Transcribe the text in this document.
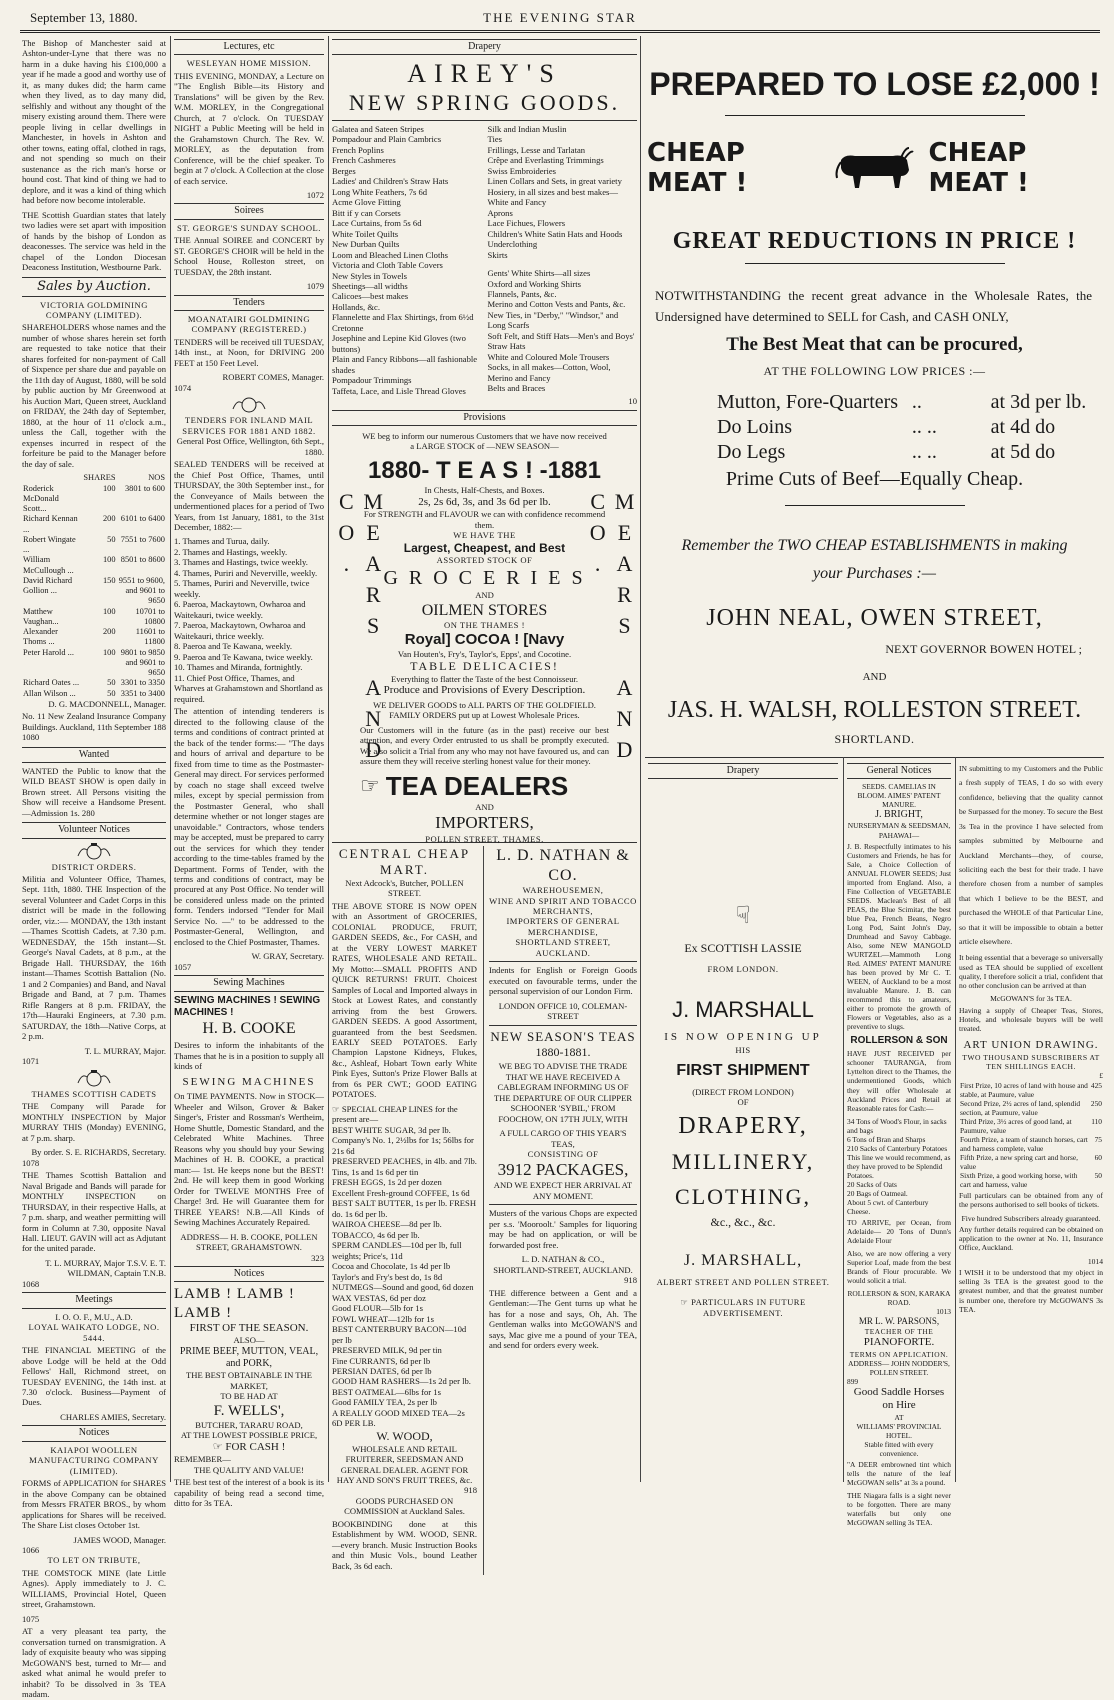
September 13, 1880.	THE EVENING STAR
The Bishop of Manchester said at Ashton-under-Lyne that there was no harm in a duke having his £100,000 a year if he made a good and worthy use of it, as many dukes did; the harm came when they lived, as to day many did, selfishly and without any thought of the misery existing around them. There were people living in cellar dwellings in Manchester, in hovels in Ashton and other towns, eating offal, clothed in rags, and not spending so much on their sustenance as the rich man's horse or hound cost. That kind of thing we had to deplore, and it was a kind of thing which had before now become intolerable.
THE Scottish Guardian states that lately two ladies were set apart with imposition of hands by the bishop of London as deaconesses. The service was held in the chapel of the London Diocesan Deaconess Institution, Westbourne Park.
Sales by Auction.
VICTORIA GOLDMINING COMPANY (LIMITED).
SHAREHOLDERS whose names and the number of whose shares herein set forth are requested to take notice that their shares forfeited for non-payment of Call of Sixpence per share due and payable on the 11th day of August, 1880, will be sold by public auction by Mr Greenwood at his Auction Mart, Queen street, Auckland on FRIDAY, the 24th day of September, 1880, at the hour of 11 o'clock a.m., unless the Call, together with the expenses incurred in respect of the forfeiture be paid to the Manager before the day of sale.
	SHARES	NOS
Roderick McDonald Scott...	100	3801 to 600
Richard Kennan ...	200	6101 to 6400
Robert Wingate ...	50	7551 to 7600
William McCullough ...	100	8501 to 8600
David Richard Gollion ...	150	9551 to 9600, and 9601 to 9650
Matthew Vaughan...	100	10701 to 10800
Alexander Thoms ...	200	11601 to 11800
Peter Harold ...	100	9801 to 9850 and 9601 to 9650
Richard Oates ...	50	3301 to 3350
Allan Wilson ...	50	3351 to 3400
D. G. MACDONNELL, Manager.
No. 11 New Zealand Insurance Company Buildings. Auckland, 11th September 188 1080
Wanted
WANTED the Public to know that the WILD BEAST SHOW is open daily in Brown street. All Persons visiting the Show will receive a Handsome Present.—Admission 1s. 280
Volunteer Notices
DISTRICT ORDERS.
Militia and Volunteer Office, Thames, Sept. 11th, 1880. THE Inspection of the several Volunteer and Cadet Corps in this district will be made in the following order, viz.:— MONDAY, the 13th instant—Thames Scottish Cadets, at 7.30 p.m. WEDNESDAY, the 15th instant—St. George's Naval Cadets, at 8 p.m., at the Brigade Hall. THURSDAY, the 16th instant—Thames Scottish Battalion (No. 1 and 2 Companies) and Band, and Naval Brigade and Band, at 7 p.m. Thames Rifle Rangers at 8 p.m. FRIDAY, the 17th—Hauraki Engineers, at 7.30 p.m. SATURDAY, the 18th—Native Corps, at 2 p.m.
T. L. MURRAY, Major.
1071
THAMES SCOTTISH CADETS
THE Company will Parade for MONTHLY INSPECTION by Major MURRAY THIS (Monday) EVENING, at 7 p.m. sharp.
By order. S. E. RICHARDS, Secretary.
1078
THE Thames Scottish Battalion and Naval Brigade and Bands will parade for MONTHLY INSPECTION on THURSDAY, in their respective Halls, at 7 p.m. sharp, and weather permitting will form in Column at 7.30, opposite Naval Hall. LIEUT. GAVIN will act as Adjutant for the united parade.
T. L. MURRAY, Major T.S.V. E. T. WILDMAN, Captain T.N.B.
1068
Meetings
I. O. O. F., M.U., A.D.
LOYAL WAIKATO LODGE, NO. 5444.
THE FINANCIAL MEETING of the above Lodge will be held at the Odd Fellows' Hall, Richmond street, on TUESDAY EVENING, the 14th inst. at 7.30 o'clock. Business—Payment of Dues.
CHARLES AMIES, Secretary.
Notices
KAIAPOI WOOLLEN MANUFACTURING COMPANY (LIMITED).
FORMS of APPLICATION for SHARES in the above Company can be obtained from Messrs FRATER BROS., by whom applications for Shares will be received. The Share List closes October 1st.
JAMES WOOD, Manager.
1066
TO LET ON TRIBUTE,
THE COMSTOCK MINE (late Little Agnes). Apply immediately to J. C. WILLIAMS, Provincial Hotel, Queen street, Grahamstown.
1075
AT a very pleasant tea party, the conversation turned on transmigration. A lady of exquisite beauty who was sipping McGOWAN'S best, turned to Mr— and asked what animal he would prefer to inhabit? To be dissolved in 3s TEA madam.
Lectures, etc
WESLEYAN HOME MISSION.
THIS EVENING, MONDAY, a Lecture on "The English Bible—its History and Translations" will be given by the Rev. W.M. MORLEY, in the Congregational Church, at 7 o'clock. On TUESDAY NIGHT a Public Meeting will be held in the Grahamstown Church. The Rev. W. MORLEY, as the deputation from Conference, will be the chief speaker. To begin at 7 o'clock. A Collection at the close of each service.
1072
Soirees
ST. GEORGE'S SUNDAY SCHOOL.
THE Annual SOIREE and CONCERT by ST. GEORGE'S CHOIR will be held in the School House, Rolleston street, on TUESDAY, the 28th instant.
1079
Tenders
MOANATAIRI GOLDMINING COMPANY (REGISTERED.)
TENDERS will be received till TUESDAY, 14th inst., at Noon, for DRIVING 200 FEET at 150 Feet Level.
ROBERT COMES, Manager.
1074
TENDERS FOR INLAND MAIL SERVICES FOR 1881 AND 1882.
General Post Office, Wellington, 6th Sept., 1880.
SEALED TENDERS will be received at the Chief Post Office, Thames, until THURSDAY, the 30th September inst., for the Conveyance of Mails between the undermentioned places for a period of Two Years, from 1st January, 1881, to the 31st December, 1882:—
1. Thames and Turua, daily.
2. Thames and Hastings, weekly.
3. Thames and Hastings, twice weekly.
4. Thames, Puriri and Neverville, weekly.
5. Thames, Puriri and Neverville, twice weekly.
6. Paeroa, Mackaytown, Owharoa and Waitekauri, twice weekly.
7. Paeroa, Mackaytown, Owharoa and Waitekauri, thrice weekly.
8. Paeroa and Te Kawana, weekly.
9. Paeroa and Te Kawana, twice weekly.
10. Thames and Miranda, fortnightly.
11. Chief Post Office, Thames, and Wharves at Grahamstown and Shortland as required.
The attention of intending tenderers is directed to the following clause of the terms and conditions of contract printed at the back of the tender forms:— "The days and hours of arrival and departure to be fixed from time to time as the Postmaster-General may direct. For services performed by coach no stage shall exceed twelve miles, except by special permission from the Postmaster General, who shall determine whether or not longer stages are unavoidable." Contractors, whose tenders may be accepted, must be prepared to carry out the services for which they tender according to the time-tables framed by the Department. Forms of Tender, with the terms and conditions of contract, may be procured at any Post Office. No tender will be considered unless made on the printed form. Tenders indorsed "Tender for Mail Service No. —" to be addressed to the Postmaster-General, Wellington, and enclosed to the Chief Postmaster, Thames.
W. GRAY, Secretary.
1057
Sewing Machines
SEWING MACHINES ! SEWING MACHINES !
H. B. COOKE
Desires to inform the inhabitants of the Thames that he is in a position to supply all kinds of
SEWING MACHINES
On TIME PAYMENTS. Now in STOCK—Wheeler and Wilson, Grover & Baker Singer's, Frister and Rossman's Wertheim, Home Shuttle, Domestic Standard, and the Celebrated White Machines. Three Reasons why you should buy your Sewing Machines of H. B. COOKE, a practical man:— 1st. He keeps none but the BEST! 2nd. He will keep them in good Working Order for TWELVE MONTHS Free of Charge! 3rd. He will Guarantee them for THREE YEARS! N.B.—All Kinds of Sewing Machines Accurately Repaired.
ADDRESS— H. B. COOKE, POLLEN STREET, GRAHAMSTOWN.
323
Notices
LAMB ! LAMB ! LAMB !
FIRST OF THE SEASON.
ALSO—
PRIME BEEF, MUTTON, VEAL, and PORK,
THE BEST OBTAINABLE IN THE MARKET,
TO BE HAD AT
F. WELLS',
BUTCHER, TARARU ROAD,
AT THE LOWEST POSSIBLE PRICE,
☞ FOR CASH !
REMEMBER—
THE QUALITY AND VALUE!
THE best test of the interest of a book is its capability of being read a second time, ditto for 3s TEA.
Drapery
AIREY'S
NEW SPRING GOODS.
Galatea and Sateen Stripes
Pompadour and Plain Cambrics
French Poplins
French Cashmeres
Berges
Ladies' and Children's Straw Hats
Long White Feathers, 7s 6d
Acme Glove Fitting
Bitt if y can Corsets
Lace Curtains, from 5s 6d
White Toilet Quilts
New Durban Quilts
Loom and Bleached Linen Cloths
Victoria and Cloth Table Covers
New Styles in Towels
Sheetings—all widths
Calicoes—best makes
Hollands, &c.
Flannelette and Flax Shirtings, from 6½d
Cretonne
Josephine and Lepine Kid Gloves (two buttons)
Plain and Fancy Ribbons—all fashionable shades
Pompadour Trimmings
Taffeta, Lace, and Lisle Thread Gloves
Silk and Indian Muslin
Ties
Frillings, Lesse and Tarlatan
Crêpe and Everlasting Trimmings
Swiss Embroideries
Linen Collars and Sets, in great variety
Hosiery, in all sizes and best makes—White and Fancy
Aprons
Lace Fichues, Flowers
Children's White Satin Hats and Hoods
Underclothing
Skirts
Gents' White Shirts—all sizes
Oxford and Working Shirts
Flannels, Pants, &c.
Merino and Cotton Vests and Pants, &c.
New Ties, in "Derby," "Windsor," and Long Scarfs
Soft Felt, and Stiff Hats—Men's and Boys'
Straw Hats
White and Coloured Mole Trousers
Socks, in all makes—Cotton, Wool, Merino and Fancy
Belts and Braces
10
Provisions
MEARS AND CO.	MEARS AND CO.
WE beg to inform our numerous Customers that we have now received a LARGE STOCK of —NEW SEASON—
1880- T E A S ! -1881
In Chests, Half-Chests, and Boxes.
2s, 2s 6d, 3s, and 3s 6d per lb.
For STRENGTH and FLAVOUR we can with confidence recommend them.
WE HAVE THE
Largest, Cheapest, and Best
ASSORTED STOCK OF
G R O C E R I E S
AND
OILMEN STORES
ON THE THAMES !
Royal] COCOA ! [Navy
Van Houten's, Fry's, Taylor's, Epps', and Cocotine.
TABLE DELICACIES!
Everything to flatter the Taste of the best Connoisseur.
Produce and Provisions of Every Description.
WE DELIVER GOODS to ALL PARTS OF THE GOLDFIELD. FAMILY ORDERS put up at Lowest Wholesale Prices.
Our Customers will in the future (as in the past) receive our best attention, and every Order entrusted to us shall be promptly executed. We also solicit a Trial from any who may not have favoured us, and can assure them they will receive sterling honest value for their money.
☞ TEA DEALERS
AND
IMPORTERS,
POLLEN STREET, THAMES.
CENTRAL CHEAP MART.
Next Adcock's, Butcher, POLLEN STREET.
THE ABOVE STORE IS NOW OPEN with an Assortment of GROCERIES, COLONIAL PRODUCE, FRUIT, GARDEN SEEDS, &c., For CASH, and at the VERY LOWEST MARKET RATES, WHOLESALE AND RETAIL. My Motto:—SMALL PROFITS AND QUICK RETURNS! FRUIT. Choicest Samples of Local and Imported always in Stock at Lowest Rates, and constantly arriving from the best Growers. GARDEN SEEDS. A good Assortment, guaranteed from the best Seedsmen. EARLY SEED POTATOES. Early Champion Lapstone Kidneys, Flukes, &c., Ashleaf, Hobart Town early White Pink Eyes, Sutton's Prize Flower Balls at from 6s PER CWT.; GOOD EATING POTATOES.
☞ SPECIAL CHEAP LINES for the present are—
BEST WHITE SUGAR, 3d per lb.
Company's No. 1, 2½lbs for 1s; 56lbs for 21s 6d
PRESERVED PEACHES, in 4lb. and 7lb. Tins, 1s and 1s 6d per tin
FRESH EGGS, 1s 2d per dozen
Excellent Fresh-ground COFFEE, 1s 6d
BEST SALT BUTTER, 1s per lb. FRESH do. 1s 6d per lb.
WAIROA CHEESE—8d per lb.
TOBACCO, 4s 6d per lb.
SPERM CANDLES—10d per lb, full weights; Price's, 11d
Cocoa and Chocolate, 1s 4d per lb
Taylor's and Fry's best do, 1s 8d
NUTMEGS—Sound and good, 6d dozen
WAX VESTAS, 6d per doz
Good FLOUR—5lb for 1s
FOWL WHEAT—12lb for 1s
BEST CANTERBURY BACON—10d per lb
PRESERVED MILK, 9d per tin
Fine CURRANTS, 6d per lb
PERSIAN DATES, 6d per lb
GOOD HAM RASHERS—1s 2d per lb.
BEST OATMEAL—6lbs for 1s
Good FAMILY TEA, 2s per lb
A REALLY GOOD MIXED TEA—2s 6D PER LB.
W. WOOD,
WHOLESALE AND RETAIL FRUITERER, SEEDSMAN AND GENERAL DEALER. AGENT FOR HAY AND SON'S FRUIT TREES, &c.
918
GOODS PURCHASED ON COMMISSION at Auckland Sales.
BOOKBINDING done at this Establishment by WM. WOOD, SENR.—every branch. Music Instruction Books and thin Music Vols., bound Leather Back, 3s 6d each.
L. D. NATHAN & CO.
WAREHOUSEMEN,
WINE AND SPIRIT AND TOBACCO MERCHANTS,
IMPORTERS OF GENERAL MERCHANDISE,
SHORTLAND STREET, AUCKLAND.
Indents for English or Foreign Goods executed on favourable terms, under the personal supervision of our London Firm.
LONDON OFFICE 10, COLEMAN-STREET
NEW SEASON'S TEAS
1880-1881.
WE BEG TO ADVISE THE TRADE THAT WE HAVE RECEIVED A CABLEGRAM INFORMING US OF THE DEPARTURE OF OUR CLIPPER SCHOONER 'SYBIL,' FROM FOOCHOW, ON 17TH JULY, WITH
A FULL CARGO OF THIS YEAR'S TEAS,
CONSISTING OF
3912 PACKAGES,
AND WE EXPECT HER ARRIVAL AT ANY MOMENT.
Musters of the various Chops are expected per s.s. 'Mooroolt.' Samples for liquoring may be had on application, or will be forwarded post free.
L. D. NATHAN & CO.,
SHORTLAND-STREET, AUCKLAND.
918
THE difference between a Gent and a Gentleman:—The Gent turns up what he has for a nose and says, Oh, Ah. The Gentleman walks into McGOWAN'S and says, Mac give me a pound of your TEA, and send for orders every week.
PREPARED TO LOSE £2,000 !
CHEAP MEAT !
CHEAP MEAT !
GREAT REDUCTIONS IN PRICE !
NOTWITHSTANDING the recent great advance in the Wholesale Rates, the Undersigned have determined to SELL for Cash, and CASH ONLY,
The Best Meat that can be procured,
AT THE FOLLOWING LOW PRICES :—
Mutton, Fore-Quarters ..	at 3d per lb.
Do Loins	.. ..	at 4d do
Do Legs	.. ..	at 5d do
Prime Cuts of Beef—Equally Cheap.
Remember the TWO CHEAP ESTABLISHMENTS in making your Purchases :—
JOHN NEAL, OWEN STREET,
NEXT GOVERNOR BOWEN HOTEL ;
AND
JAS. H. WALSH, ROLLESTON STREET.
SHORTLAND.
Drapery
☟
Ex SCOTTISH LASSIE
FROM LONDON.
J. MARSHALL
IS NOW OPENING UP
HIS
FIRST SHIPMENT
(DIRECT FROM LONDON)
OF
DRAPERY,
MILLINERY,
CLOTHING,
&c., &c., &c.
J. MARSHALL,
ALBERT STREET AND POLLEN STREET.
☞ PARTICULARS IN FUTURE ADVERTISEMENT.
General Notices
SEEDS. CAMELIAS IN BLOOM. AIMES' PATENT MANURE.
J. BRIGHT,
NURSERYMAN & SEEDSMAN, PAHAWAI—
J. B. Respectfully intimates to his Customers and Friends, he has for Sale, a Choice Collection of ANNUAL FLOWER SEEDS; Just imported from England. Also, a Fine Collection of VEGETABLE SEEDS. Maclean's Best of all PEAS, the Blue Scimitar, the best blue Pea, French Beans, Negro Long Pod, Saint John's Day, Drumhead and Savoy Cabbage. Also, some NEW MANGOLD WURTZEL—Mammoth Long Red. AIMES' PATENT MANURE has been proved by Mr C. T. WEEN, of Auckland to be a most invaluable Manure. J. B. can recommend this to amateurs, either to promote the growth of Flowers or Vegetables, also as a preventive to slugs.
ROLLERSON & SON
HAVE JUST RECEIVED per schooner TAURANGA, from Lyttelton direct to the Thames, the undermentioned Goods, which they will offer Wholesale at Auckland Prices and Retail at Reasonable rates for Cash:—
34 Tons of Wood's Flour, in sacks and bags
6 Tons of Bran and Sharps
210 Sacks of Canterbury Potatoes
This line we would recommend, as they have proved to be Splendid Potatoes.
20 Sacks of Oats
20 Bags of Oatmeal.
About 5 cwt. of Canterbury Cheese.
TO ARRIVE, per Ocean, from Adelaide— 20 Tons of Dunn's Adelaide Flour
Also, we are now offering a very Superior Loaf, made from the best Brands of Flour procurable. We would solicit a trial.
ROLLERSON & SON, KARAKA ROAD.
1013
MR L. W. PARSONS,
TEACHER OF THE
PIANOFORTE.
TERMS ON APPLICATION.
ADDRESS— JOHN NODDER'S, POLLEN STREET.
899
Good Saddle Horses on Hire
AT
WILLIAMS' PROVINCIAL HOTEL.
Stable fitted with every convenience.
"A DEER embrowned tint which tells the nature of the leaf McGOWAN sells" at 3s a pound.
THE Niagara falls is a sight never to be forgotten. There are many waterfalls but only one McGOWAN selling 3s TEA.
IN submitting to my Customers and the Public a fresh supply of TEAS, I do so with every confidence, believing that the quality cannot be Surpassed for the money. To secure the Best 3s Tea in the province I have selected from samples submitted by Melbourne and Auckland Merchants—they, of course, soliciting each the best for their trade. I have therefore chosen from a number of samples that which I believe to be the BEST, and purchased the WHOLE of that Particular Line, so that it will be impossible to obtain a better article elsewhere.
It being essential that a beverage so universally used as TEA should be supplied of excellent quality, I therefore solicit a trial, confident that no other conclusion can be arrived at than
McGOWAN'S for 3s TEA.
Having a supply of Cheaper Teas, Stores, Hotels, and wholesale buyers will be well treated.
ART UNION DRAWING.
TWO THOUSAND SUBSCRIBERS AT TEN SHILLINGS EACH.
£
First Prize, 10 acres of land with house and stable, at Paumure, value	425
Second Prize, 2½ acres of land, splendid section, at Paumure, value	250
Third Prize, 3½ acres of good land, at Paumure, value	110
Fourth Prize, a team of staunch horses, cart and harness complete, value	75
Fifth Prize, a new spring cart and horse, value	60
Sixth Prize, a good working horse, with cart and harness, value	50
Full particulars can be obtained from any of the persons authorised to sell books of tickets.
Five hundred Subscribers already guaranteed.
Any further details required can be obtained on application to the owner at No. 11, Insurance Office, Auckland.
1014
I WISH it to be understood that my object in selling 3s TEA is the greatest good to the greatest number, and that the greatest number is number one, therefore try McGOWAN'S 3s TEA.
